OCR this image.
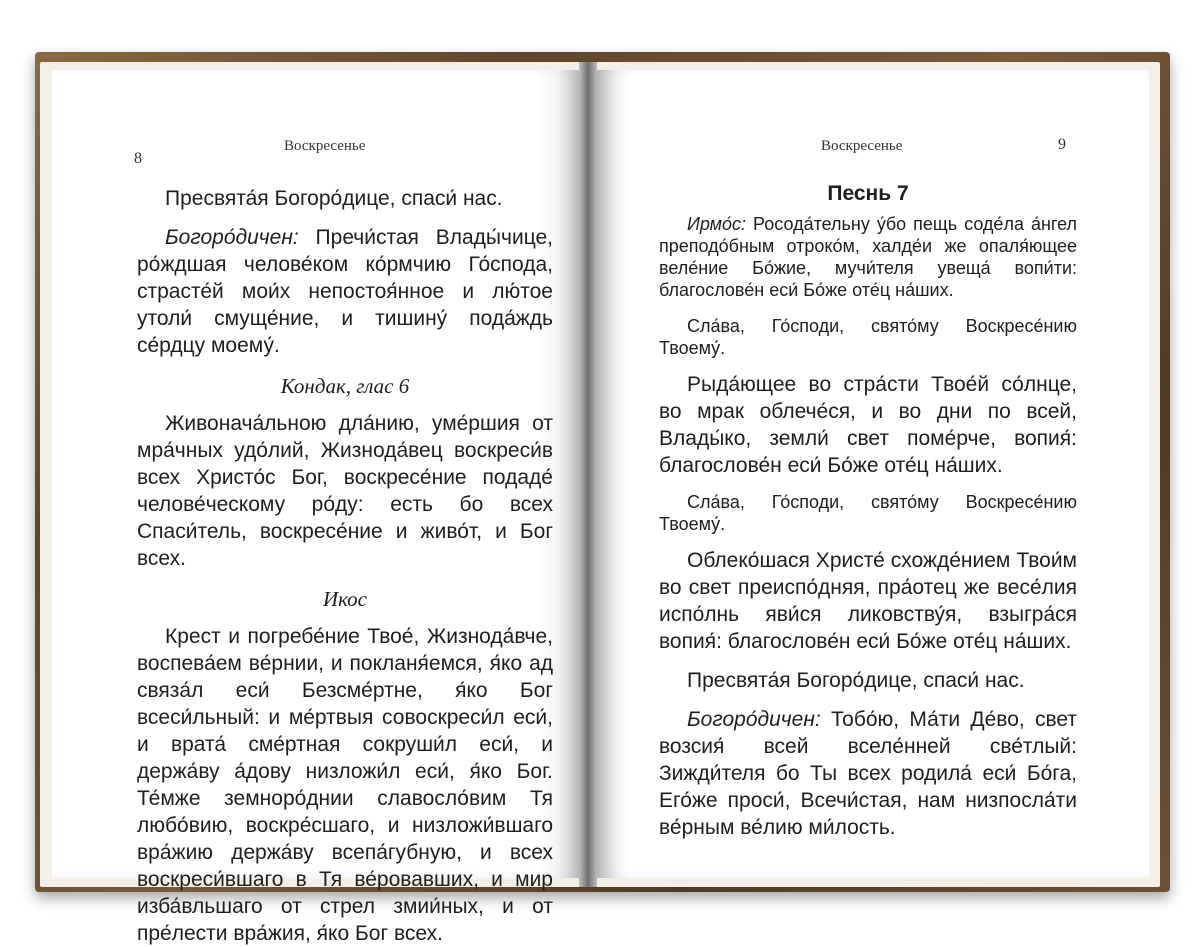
Воскресенье
8

Пресвята́я Богоро́дице, спаси́ нас.

Богоро́дичен: Пречи́стая Влады́чице, ро́ждшая челове́ком ко́рмчию Го́спода, страсте́й мои́х непостоя́нное и лю́тое утоли́ смуще́ние, и тишину́ пода́ждь се́рдцу моему́.

Кондак, глас 6

Живонача́льною дла́нию, уме́ршия от мра́чных удо́лий, Жизнода́вец воскреси́в всех Христо́с Бог, воскресе́ние подаде́ челове́ческому ро́ду: есть бо всех Спаси́тель, воскресе́ние и живо́т, и Бог всех.

Икос

Крест и погребе́ние Твое́, Жизнода́вче, воспева́ем ве́рнии, и покланя́емся, я́ко ад связа́л еси́ Безсме́ртне, я́ко Бог всеси́льный: и ме́ртвыя совоскреси́л еси́, и врата́ сме́ртная сокруши́л еси́, и держа́ву а́дову низложи́л еси́, я́ко Бог. Те́мже земноро́днии славосло́вим Тя любо́вию, воскре́сшаго, и низложи́вшаго вра́жию держа́ву всепа́губную, и всех воскреси́вшаго в Тя ве́ровавших, и мир изба́вльшаго от стрел змии́ных, и от пре́лести вра́жия, я́ко Бог всех.

Воскресенье	9

Песнь 7

Ирмо́с: Росода́тельну у́бо пещь соде́ла а́нгел преподо́бным отроко́м, халде́и же опаля́ющее веле́ние Бо́жие, мучи́теля увеща́ вопи́ти: благослове́н еси́ Бо́же оте́ц на́ших.

Сла́ва, Го́споди, свято́му Воскресе́нию Твоему́.

Рыда́ющее во стра́сти Твое́й со́лнце, во мрак облече́ся, и во дни по всей, Влады́ко, земли́ свет поме́рче, вопия́: благослове́н еси́ Бо́же оте́ц на́ших.

Сла́ва, Го́споди, свято́му Воскресе́нию Твоему́.

Облеко́шася Христе́ схожде́нием Твои́м во свет преиспо́дняя, пра́отец же весе́лия испо́лнь яви́ся ликовству́я, взыгра́ся вопия́: благослове́н еси́ Бо́же оте́ц на́ших.

Пресвята́я Богоро́дице, спаси́ нас.

Богоро́дичен: Тобо́ю, Ма́ти Де́во, свет возсия́ всей вселе́нней све́тлый: Зижди́теля бо Ты всех родила́ еси́ Бо́га, Его́же проси́, Всечи́стая, нам низпосла́ти ве́рным ве́лию ми́лость.
